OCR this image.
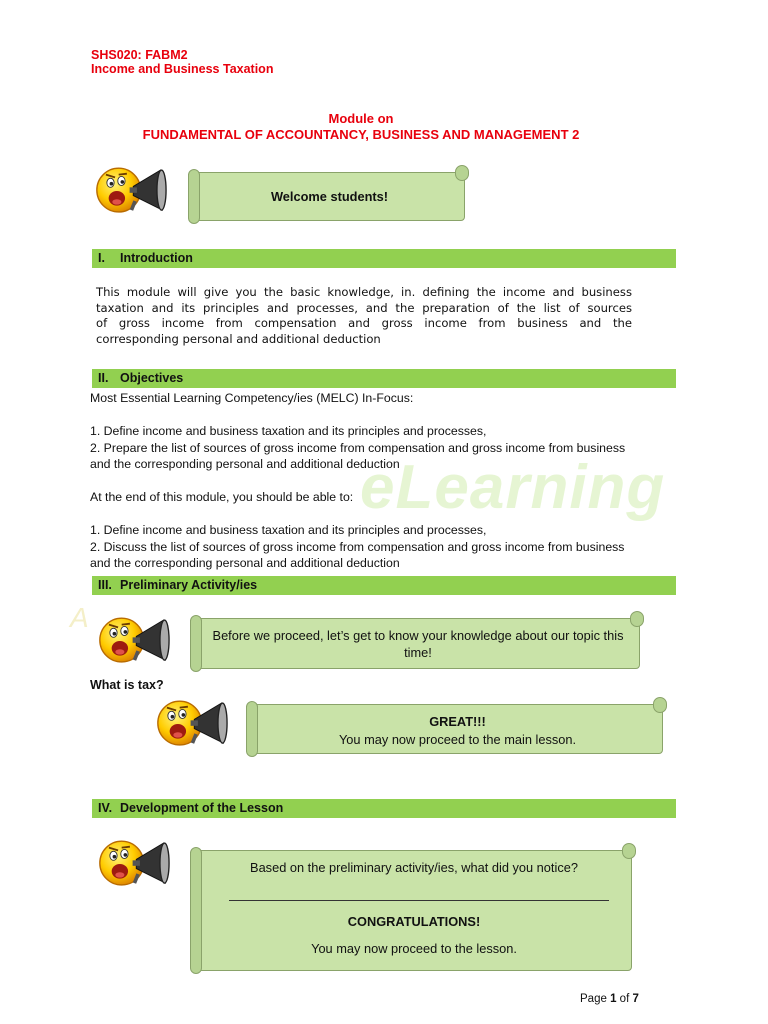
SHS020: FABM2
Income and Business Taxation
Module on
FUNDAMENTAL OF ACCOUNTANCY, BUSINESS AND MANAGEMENT 2
eLearning
A
Welcome students!
I. Introduction
This module will give you the basic knowledge, in. defining the income and business
taxation and its principles and processes, and the preparation of the list of sources
of gross income from compensation and gross income from business and the
corresponding personal and additional deduction
II. Objectives
Most Essential Learning Competency/ies (MELC) In-Focus:
1. Define income and business taxation and its principles and processes,
2. Prepare the list of sources of gross income from compensation and gross income from business
and the corresponding personal and additional deduction
At the end of this module, you should be able to:
1. Define income and business taxation and its principles and processes,
2. Discuss the list of sources of gross income from compensation and gross income from business
and the corresponding personal and additional deduction
III. Preliminary Activity/ies
Before we proceed, let’s get to know your knowledge about our topic this
time!
What is tax?
GREAT!!!
You may now proceed to the main lesson.
IV. Development of the Lesson
Based on the preliminary activity/ies, what did you notice?
CONGRATULATIONS!
You may now proceed to the lesson.
Page 1 of 7
